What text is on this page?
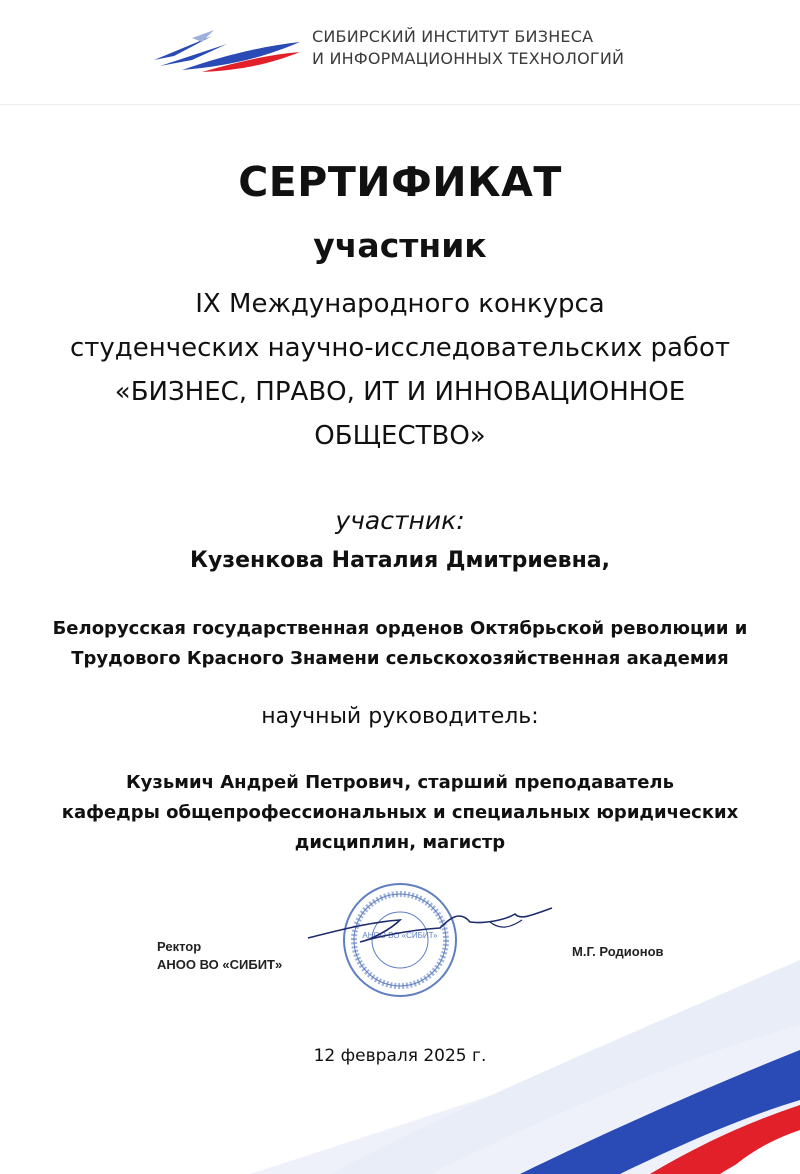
СИБИРСКИЙ ИНСТИТУТ БИЗНЕСА
И ИНФОРМАЦИОННЫХ ТЕХНОЛОГИЙ
СЕРТИФИКАТ
участник
IX Международного конкурса
студенческих научно-исследовательских работ
«БИЗНЕС, ПРАВО, ИТ И ИННОВАЦИОННОЕ
ОБЩЕСТВО»
участник:
Кузенкова Наталия Дмитриевна,
Белорусская государственная орденов Октябрьской революции и
Трудового Красного Знамени сельскохозяйственная академия
научный руководитель:
Кузьмич Андрей Петрович, старший преподаватель
кафедры общепрофессиональных и специальных юридических
дисциплин, магистр
АНОО ВО «СИБИТ»
Ректор
АНОО ВО «СИБИТ»
М.Г. Родионов
12 февраля 2025 г.
